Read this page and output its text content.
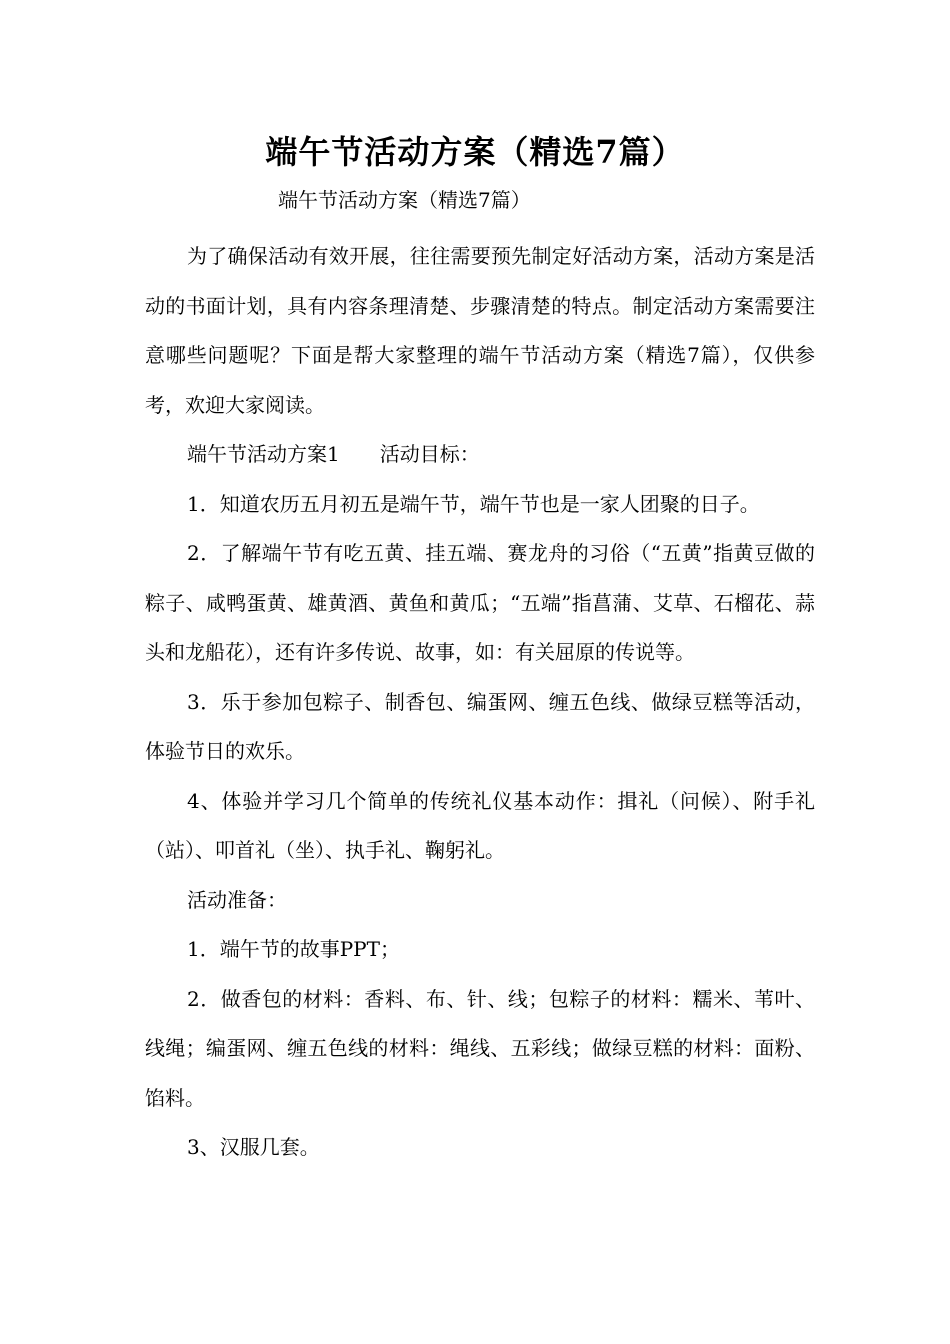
端午节活动方案（精选7篇）
端午节活动方案（精选7篇）

为了确保活动有效开展，往往需要预先制定好活动方案，活动方案是活动的书面计划，具有内容条理清楚、步骤清楚的特点。制定活动方案需要注意哪些问题呢？下面是帮大家整理的端午节活动方案（精选7篇），仅供参考，欢迎大家阅读。

端午节活动方案1 活动目标：

1．知道农历五月初五是端午节，端午节也是一家人团聚的日子。

2．了解端午节有吃五黄、挂五端、赛龙舟的习俗（“五黄”指黄豆做的粽子、咸鸭蛋黄、雄黄酒、黄鱼和黄瓜；“五端”指菖蒲、艾草、石榴花、蒜头和龙船花），还有许多传说、故事，如：有关屈原的传说等。

3．乐于参加包粽子、制香包、编蛋网、缠五色线、做绿豆糕等活动，体验节日的欢乐。

4、体验并学习几个简单的传统礼仪基本动作：揖礼（问候）、附手礼（站）、叩首礼（坐）、执手礼、鞠躬礼。

活动准备：

1．端午节的故事PPT；

2．做香包的材料：香料、布、针、线；包粽子的材料：糯米、苇叶、线绳；编蛋网、缠五色线的材料：绳线、五彩线；做绿豆糕的材料：面粉、馅料。

3、汉服几套。
